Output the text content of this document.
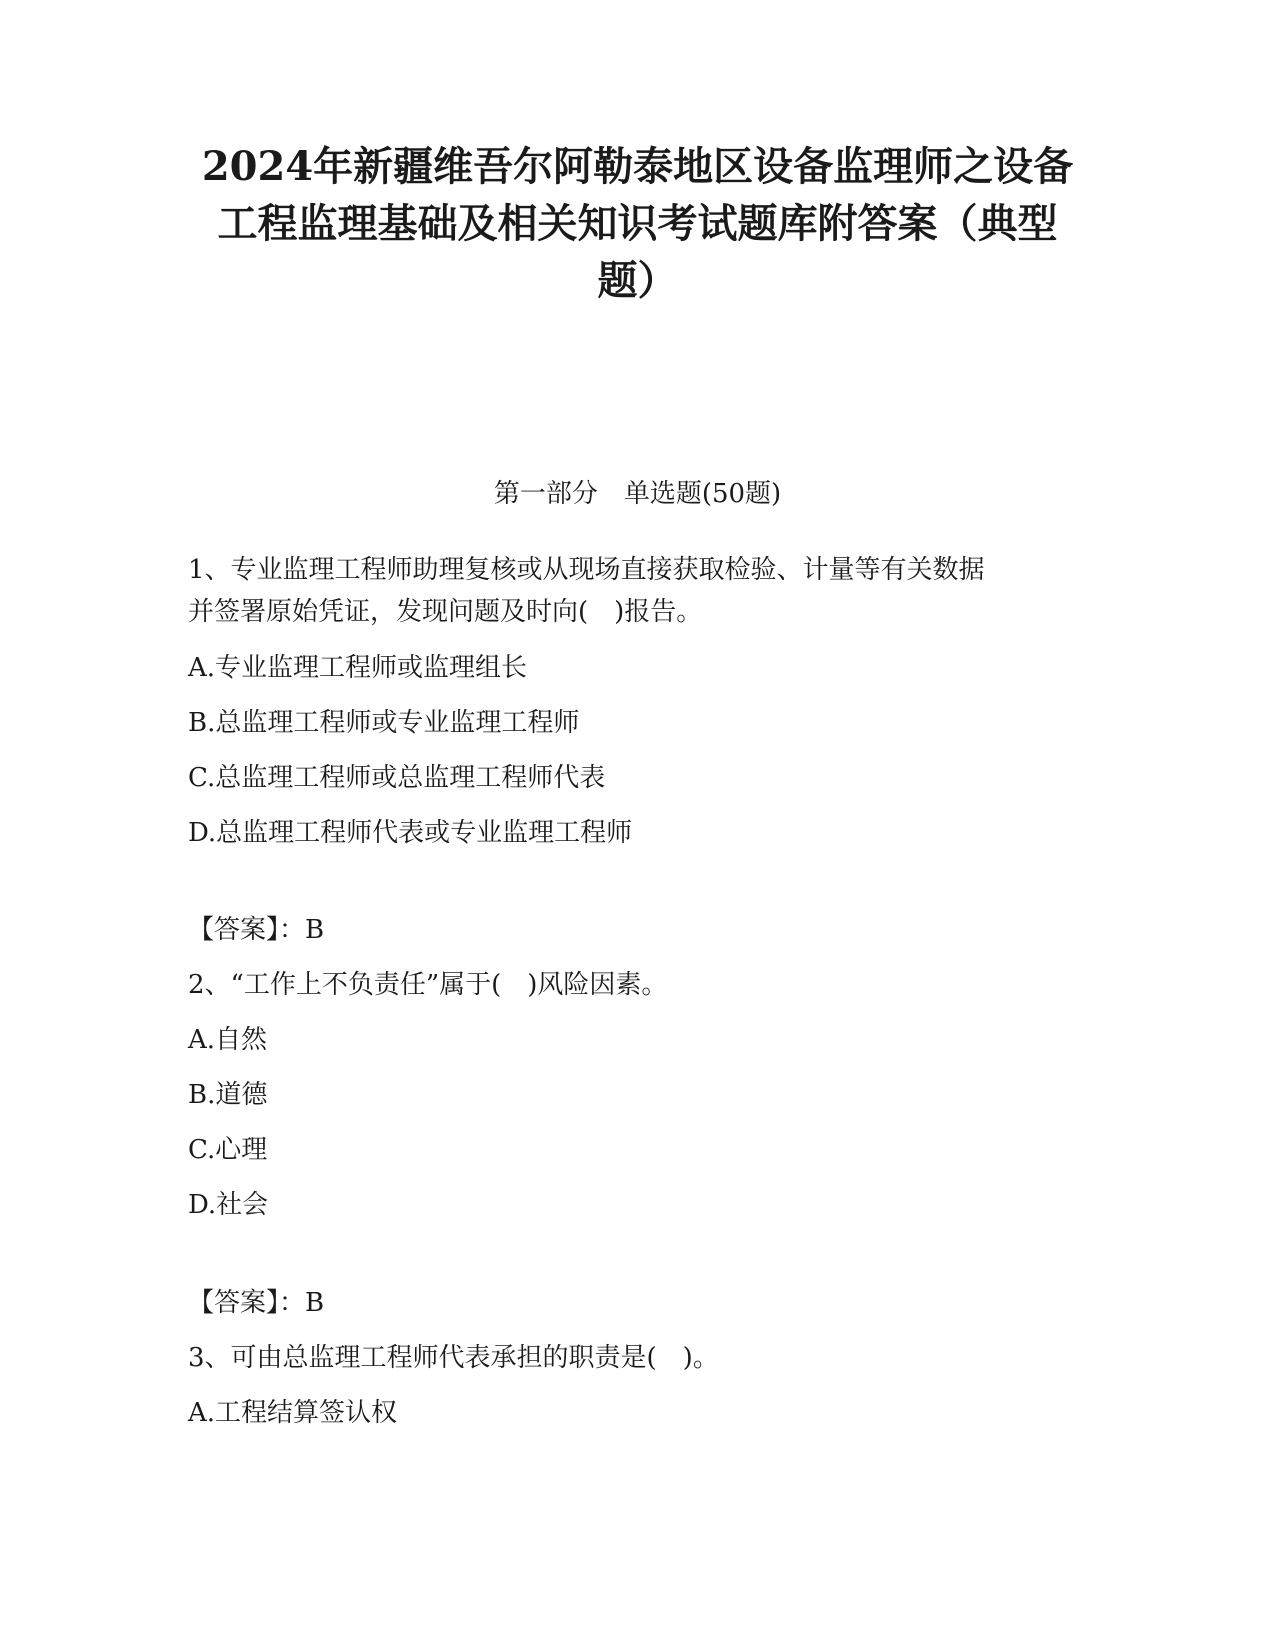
2024年新疆维吾尔阿勒泰地区设备监理师之设备
工程监理基础及相关知识考试题库附答案（典型
题）
第一部分　单选题(50题)
1、专业监理工程师助理复核或从现场直接获取检验、计量等有关数据
并签署原始凭证，发现问题及时向(　)报告。
A.专业监理工程师或监理组长
B.总监理工程师或专业监理工程师
C.总监理工程师或总监理工程师代表
D.总监理工程师代表或专业监理工程师
【答案】：B
2、“工作上不负责任”属于(　)风险因素。
A.自然
B.道德
C.心理
D.社会
【答案】：B
3、可由总监理工程师代表承担的职责是(　)。
A.工程结算签认权
